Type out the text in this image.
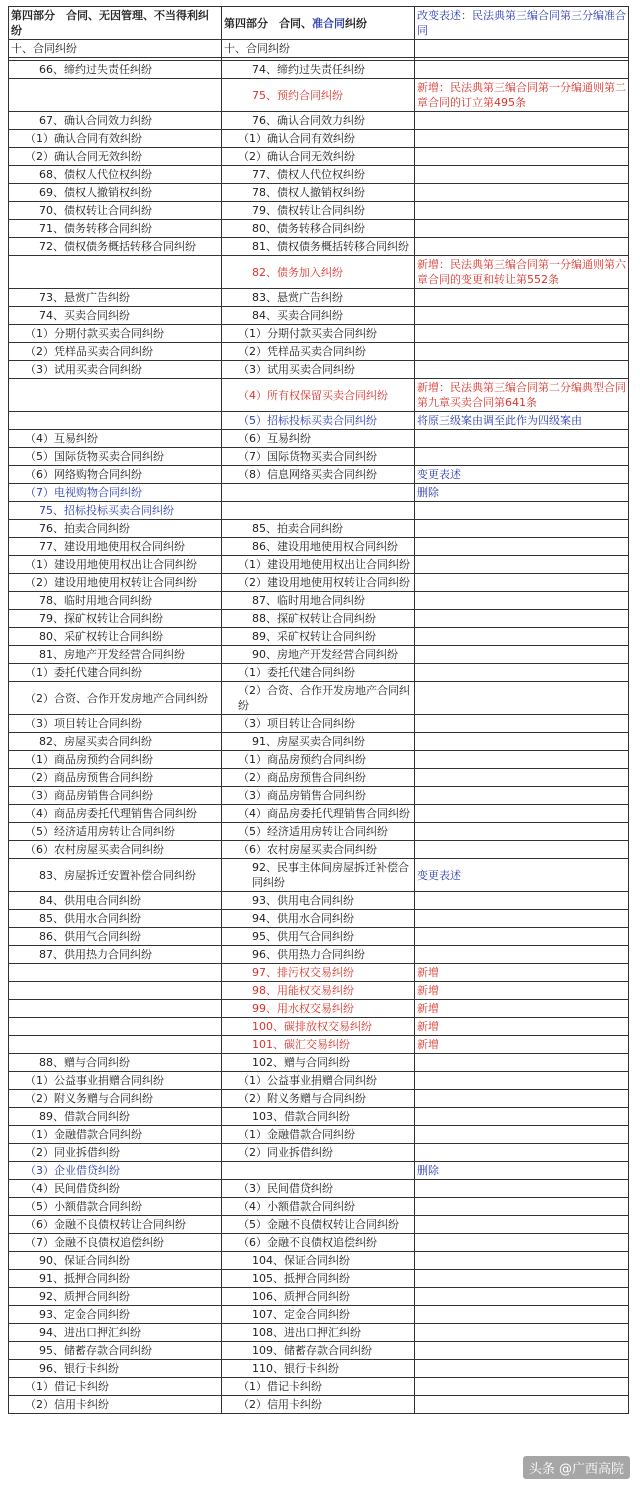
第四部分　合同、无因管理、不当得利纠纷	第四部分　合同、准合同纠纷	改变表述：民法典第三编合同第三分编准合同
十、合同纠纷	十、合同纠纷	

66、缔约过失责任纠纷	74、缔约过失责任纠纷	
	75、预约合同纠纷	新增：民法典第三编合同第一分编通则第二章合同的订立第495条
67、确认合同效力纠纷	76、确认合同效力纠纷	
（1）确认合同有效纠纷	（1）确认合同有效纠纷	
（2）确认合同无效纠纷	（2）确认合同无效纠纷	
68、债权人代位权纠纷	77、债权人代位权纠纷	
69、债权人撤销权纠纷	78、债权人撤销权纠纷	
70、债权转让合同纠纷	79、债权转让合同纠纷	
71、债务转移合同纠纷	80、债务转移合同纠纷	
72、债权债务概括转移合同纠纷	81、债权债务概括转移合同纠纷	
	82、债务加入纠纷	新增：民法典第三编合同第一分编通则第六章合同的变更和转让第552条
73、悬赏广告纠纷	83、悬赏广告纠纷	
74、买卖合同纠纷	84、买卖合同纠纷	
（1）分期付款买卖合同纠纷	（1）分期付款买卖合同纠纷	
（2）凭样品买卖合同纠纷	（2）凭样品买卖合同纠纷	
（3）试用买卖合同纠纷	（3）试用买卖合同纠纷	
	（4）所有权保留买卖合同纠纷	新增：民法典第三编合同第二分编典型合同第九章买卖合同第641条
	（5）招标投标买卖合同纠纷	将原三级案由调至此作为四级案由
（4）互易纠纷	（6）互易纠纷	
（5）国际货物买卖合同纠纷	（7）国际货物买卖合同纠纷	
（6）网络购物合同纠纷	（8）信息网络买卖合同纠纷	变更表述
（7）电视购物合同纠纷		删除
75、招标投标买卖合同纠纷		
76、拍卖合同纠纷	85、拍卖合同纠纷	
77、建设用地使用权合同纠纷	86、建设用地使用权合同纠纷	
（1）建设用地使用权出让合同纠纷	（1）建设用地使用权出让合同纠纷	
（2）建设用地使用权转让合同纠纷	（2）建设用地使用权转让合同纠纷	
78、临时用地合同纠纷	87、临时用地合同纠纷	
79、探矿权转让合同纠纷	88、探矿权转让合同纠纷	
80、采矿权转让合同纠纷	89、采矿权转让合同纠纷	
81、房地产开发经营合同纠纷	90、房地产开发经营合同纠纷	
（1）委托代建合同纠纷	（1）委托代建合同纠纷	
（2）合资、合作开发房地产合同纠纷	（2）合资、合作开发房地产合同纠纷	
（3）项目转让合同纠纷	（3）项目转让合同纠纷	
82、房屋买卖合同纠纷	91、房屋买卖合同纠纷	
（1）商品房预约合同纠纷	（1）商品房预约合同纠纷	
（2）商品房预售合同纠纷	（2）商品房预售合同纠纷	
（3）商品房销售合同纠纷	（3）商品房销售合同纠纷	
（4）商品房委托代理销售合同纠纷	（4）商品房委托代理销售合同纠纷	
（5）经济适用房转让合同纠纷	（5）经济适用房转让合同纠纷	
（6）农村房屋买卖合同纠纷	（6）农村房屋买卖合同纠纷	
83、房屋拆迁安置补偿合同纠纷	92、民事主体间房屋拆迁补偿合同纠纷	变更表述
84、供用电合同纠纷	93、供用电合同纠纷	
85、供用水合同纠纷	94、供用水合同纠纷	
86、供用气合同纠纷	95、供用气合同纠纷	
87、供用热力合同纠纷	96、供用热力合同纠纷	
	97、排污权交易纠纷	新增
	98、用能权交易纠纷	新增
	99、用水权交易纠纷	新增
	100、碳排放权交易纠纷	新增
	101、碳汇交易纠纷	新增
88、赠与合同纠纷	102、赠与合同纠纷	
（1）公益事业捐赠合同纠纷	（1）公益事业捐赠合同纠纷	
（2）附义务赠与合同纠纷	（2）附义务赠与合同纠纷	
89、借款合同纠纷	103、借款合同纠纷	
（1）金融借款合同纠纷	（1）金融借款合同纠纷	
（2）同业拆借纠纷	（2）同业拆借纠纷	
（3）企业借贷纠纷		删除
（4）民间借贷纠纷	（3）民间借贷纠纷	
（5）小额借款合同纠纷	（4）小额借款合同纠纷	
（6）金融不良债权转让合同纠纷	（5）金融不良债权转让合同纠纷	
（7）金融不良债权追偿纠纷	（6）金融不良债权追偿纠纷	
90、保证合同纠纷	104、保证合同纠纷	
91、抵押合同纠纷	105、抵押合同纠纷	
92、质押合同纠纷	106、质押合同纠纷	
93、定金合同纠纷	107、定金合同纠纷	
94、进出口押汇纠纷	108、进出口押汇纠纷	
95、储蓄存款合同纠纷	109、储蓄存款合同纠纷	
96、银行卡纠纷	110、银行卡纠纷	
（1）借记卡纠纷	（1）借记卡纠纷	
（2）信用卡纠纷	（2）信用卡纠纷	
头条 @广西高院
